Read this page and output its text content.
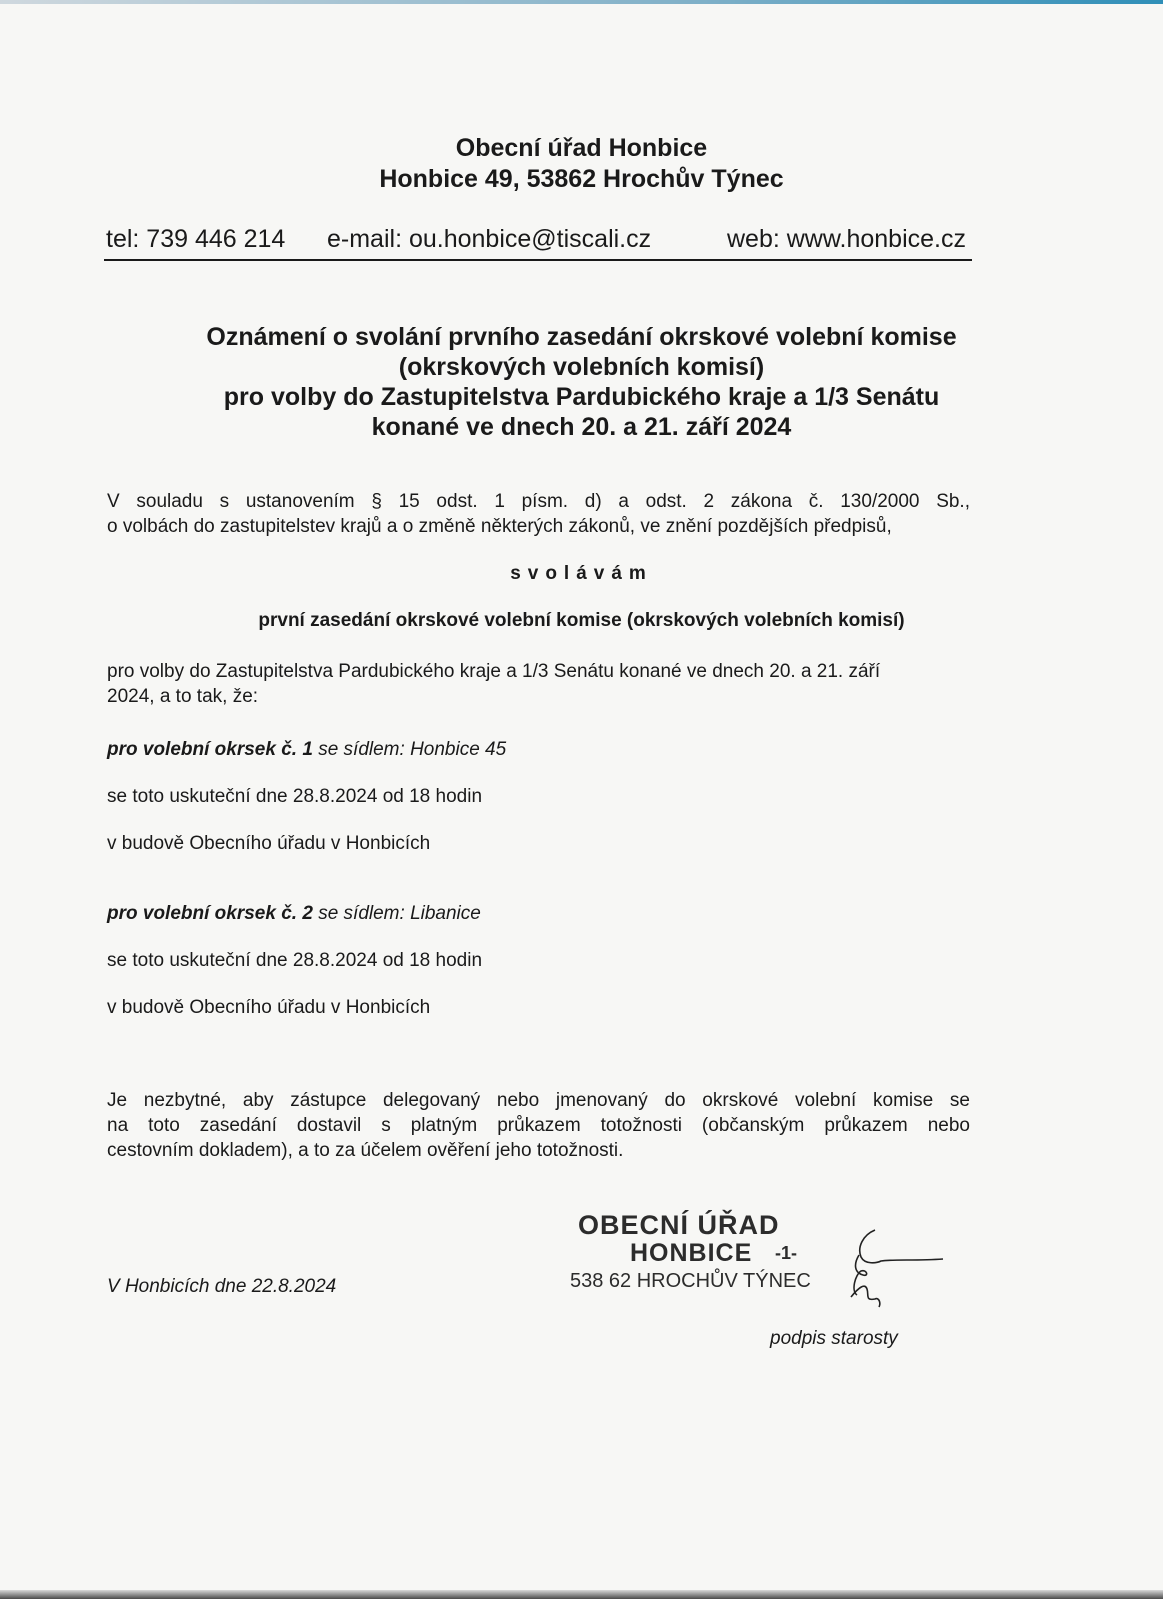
Obecní úřad Honbice
Honbice 49, 53862 Hrochův Týnec
tel: 739 446 214 e-mail: ou.honbice@tiscali.cz	web: www.honbice.cz
Oznámení o svolání prvního zasedání okrskové volební komise
(okrskových volebních komisí)
pro volby do Zastupitelstva Pardubického kraje a 1/3 Senátu
konané ve dnech 20. a 21. září 2024
V souladu s ustanovením § 15 odst. 1 písm. d) a odst. 2 zákona č. 130/2000 Sb.,
o volbách do zastupitelstev krajů a o změně některých zákonů, ve znění pozdějších předpisů,
svolávám
první zasedání okrskové volební komise (okrskových volebních komisí)
pro volby do Zastupitelstva Pardubického kraje a 1/3 Senátu konané ve dnech 20. a 21. září
2024, a to tak, že:
pro volební okrsek č. 1 se sídlem: Honbice 45
se toto uskuteční dne 28.8.2024 od 18 hodin
v budově Obecního úřadu v Honbicích
pro volební okrsek č. 2 se sídlem: Libanice
se toto uskuteční dne 28.8.2024 od 18 hodin
v budově Obecního úřadu v Honbicích
Je nezbytné, aby zástupce delegovaný nebo jmenovaný do okrskové volební komise se
na toto zasedání dostavil s platným průkazem totožnosti (občanským průkazem nebo
cestovním dokladem), a to za účelem ověření jeho totožnosti.
V Honbicích dne 22.8.2024
OBECNÍ ÚŘAD
HONBICE -1-
538 62 HROCHŮV TÝNEC
podpis starosty
